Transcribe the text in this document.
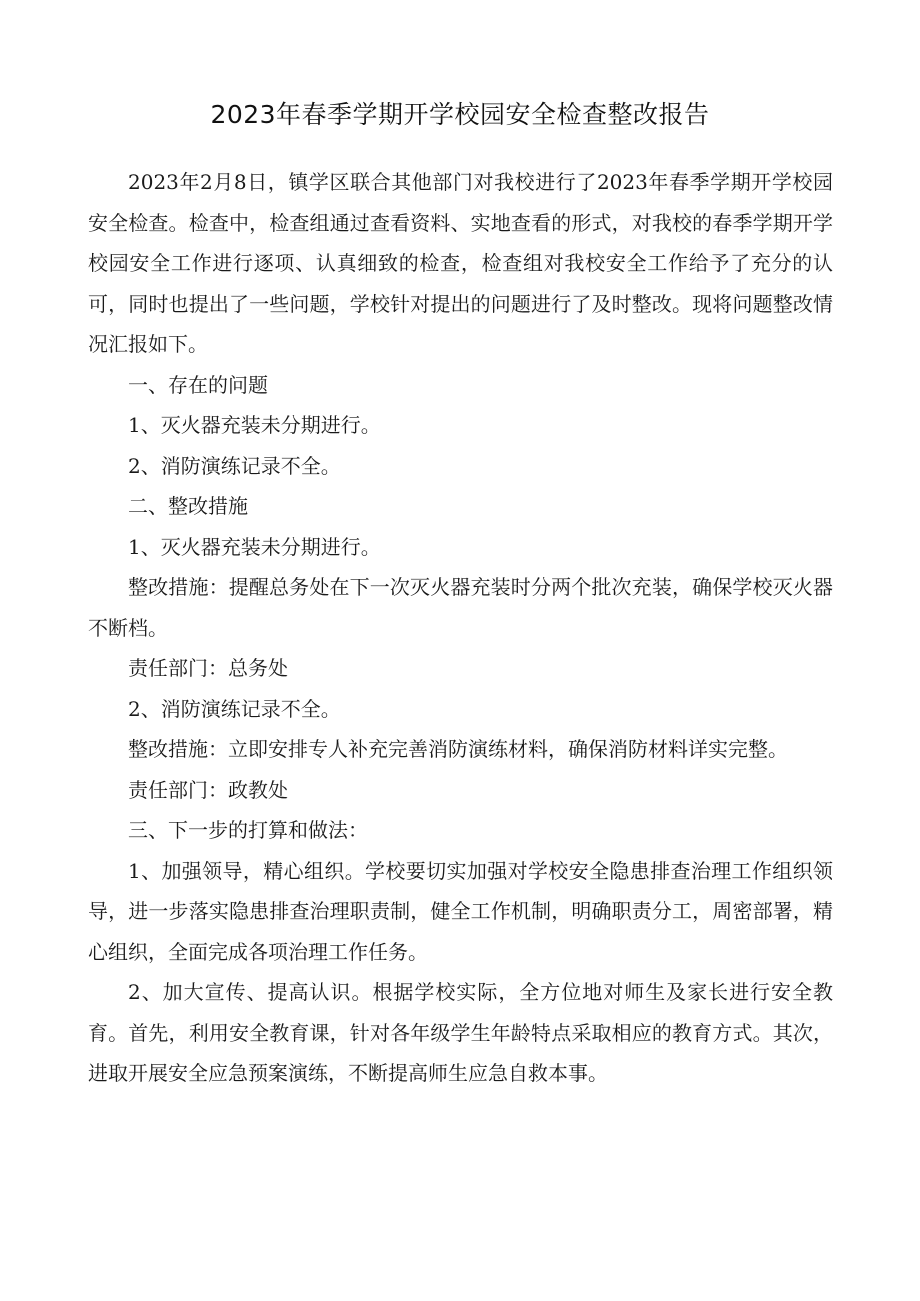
2023年春季学期开学校园安全检查整改报告

2023年2月8日，镇学区联合其他部门对我校进行了2023年春季学期开学校园安全检查。检查中，检查组通过查看资料、实地查看的形式，对我校的春季学期开学校园安全工作进行逐项、认真细致的检查，检查组对我校安全工作给予了充分的认可，同时也提出了一些问题，学校针对提出的问题进行了及时整改。现将问题整改情况汇报如下。

一、存在的问题

1、灭火器充装未分期进行。

2、消防演练记录不全。

二、整改措施

1、灭火器充装未分期进行。

整改措施：提醒总务处在下一次灭火器充装时分两个批次充装，确保学校灭火器不断档。

责任部门：总务处

2、消防演练记录不全。

整改措施：立即安排专人补充完善消防演练材料，确保消防材料详实完整。

责任部门：政教处

三、下一步的打算和做法：

1、加强领导，精心组织。学校要切实加强对学校安全隐患排查治理工作组织领导，进一步落实隐患排查治理职责制，健全工作机制，明确职责分工，周密部署，精心组织，全面完成各项治理工作任务。

2、加大宣传、提高认识。根据学校实际，全方位地对师生及家长进行安全教育。首先，利用安全教育课，针对各年级学生年龄特点采取相应的教育方式。其次，进取开展安全应急预案演练，不断提高师生应急自救本事。
